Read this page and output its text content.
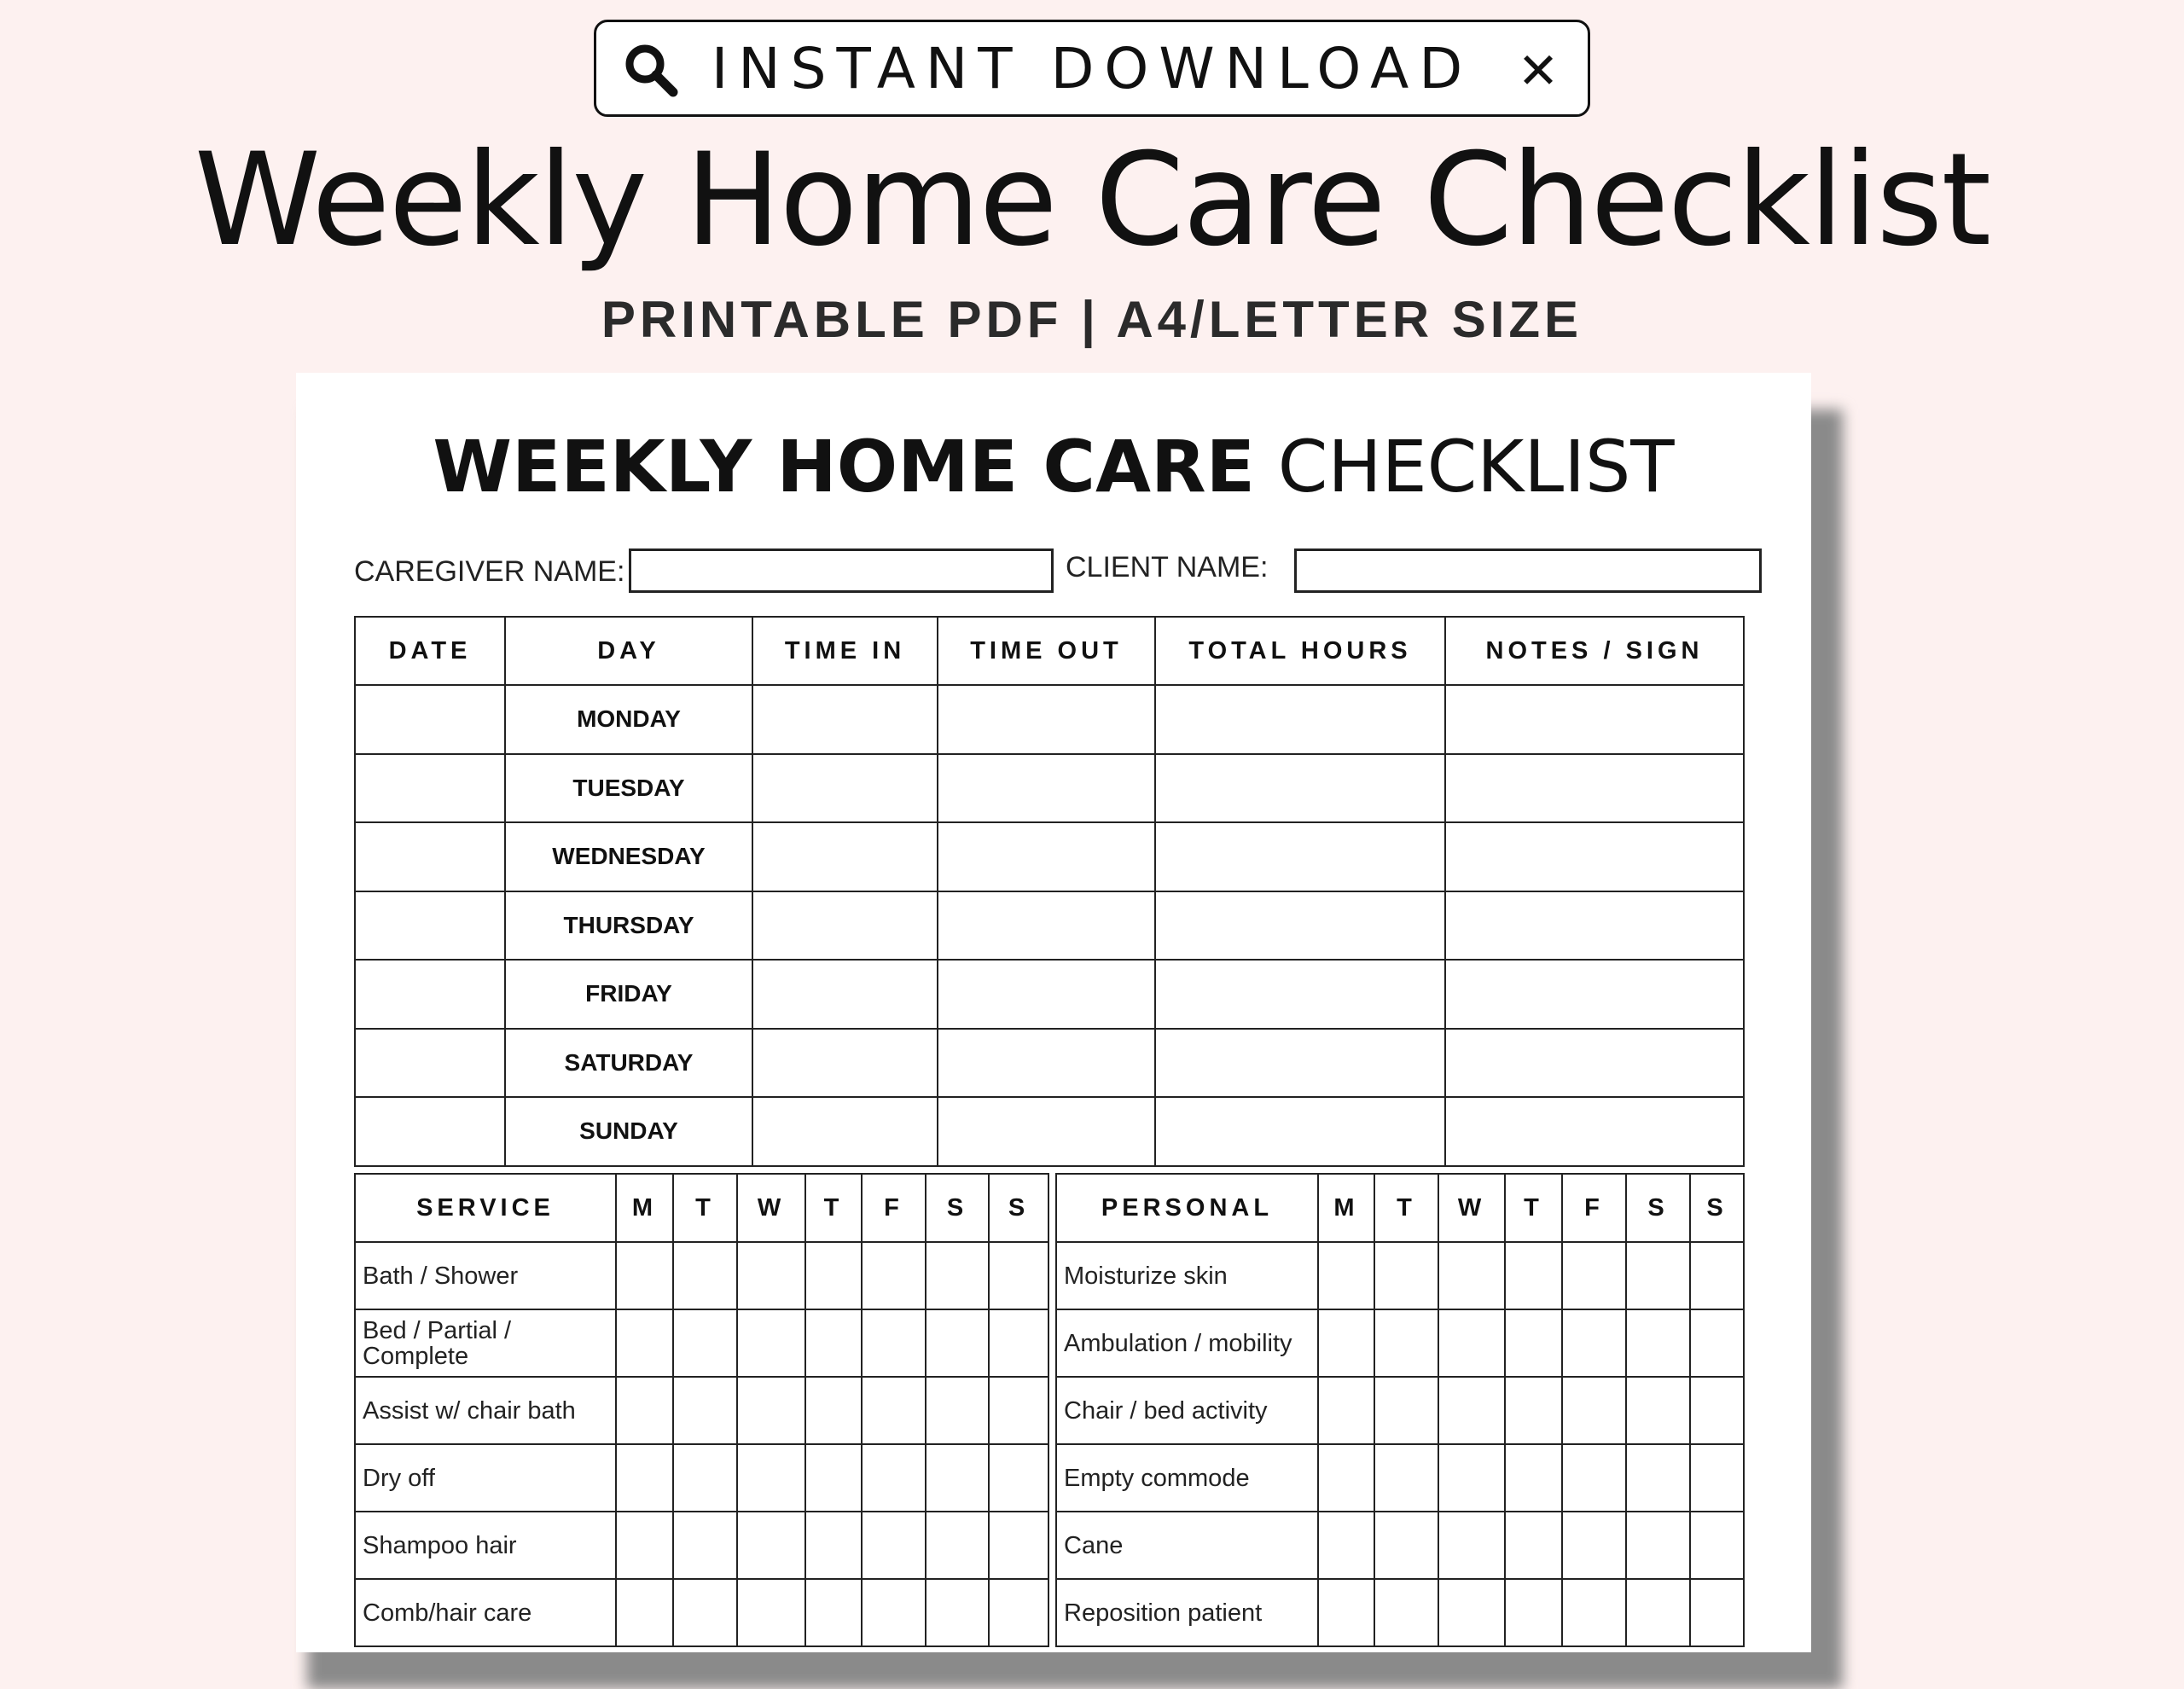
INSTANT DOWNLOAD ✕
Weekly Home Care Checklist
PRINTABLE PDF | A4/LETTER SIZE
WEEKLY HOME CARE CHECKLIST
CAREGIVER NAME:	CLIENT NAME:
DATE	DAY	TIME IN	TIME OUT	TOTAL HOURS	NOTES / SIGN
	MONDAY				
	TUESDAY				
	WEDNESDAY				
	THURSDAY				
	FRIDAY				
	SATURDAY				
	SUNDAY				
SERVICE	M	T	W	T	F	S	S
Bath / Shower							
Bed / Partial / Complete							
Assist w/ chair bath							
Dry off							
Shampoo hair							
Comb/hair care							
PERSONAL	M	T	W	T	F	S	S
Moisturize skin							
Ambulation / mobility							
Chair / bed activity							
Empty commode							
Cane							
Reposition patient							
